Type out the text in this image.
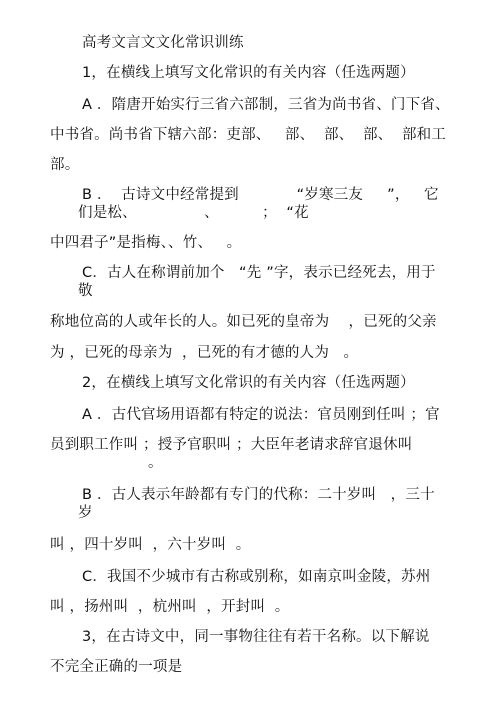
高考文言文文化常识训练
1，在横线上填写文化常识的有关内容（任选两题）
A ．隋唐开始实行三省六部制，三省为尚书省、门下省、
中书省。尚书省下辖六部：吏部、   部、  部、  部、  部和工
部。
B ．  古诗文中经常提到            “岁寒三友     ”，   它
们是松、              、         ；  “花
中四君子”是指梅、、竹、   。
C．古人在称谓前加个   “先 ”字，表示已经死去，用于
敬
称地位高的人或年长的人。如已死的皇帝为    ，已死的父亲
为 ，已死的母亲为  ，已死的有才德的人为   。
2，在横线上填写文化常识的有关内容（任选两题）
A ．古代官场用语都有特定的说法：官员刚到任叫 ；官
员到职工作叫 ；授予官职叫 ；大臣年老请求辞官退休叫
。
B ．古人表示年龄都有专门的代称：二十岁叫   ，三十
岁
叫 ，四十岁叫  ，六十岁叫  。
C．我国不少城市有古称或别称，如南京叫金陵，苏州
叫 ，扬州叫  ，杭州叫  ，开封叫  。
3，在古诗文中，同一事物往往有若干名称。以下解说
不完全正确的一项是
